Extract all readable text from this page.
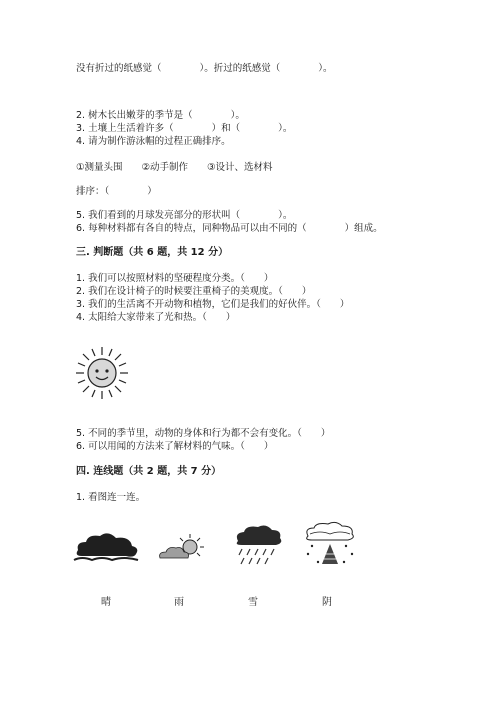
没有折过的纸感觉（　　　　）。折过的纸感觉（　　　　）。
2. 树木长出嫩芽的季节是（　　　　）。
3. 土壤上生活着许多（　　　　）和（　　　　）。
4. 请为制作游泳帽的过程正确排序。
①测量头围　　②动手制作　　③设计、选材料
排序：（　　　　）
5. 我们看到的月球发亮部分的形状叫（　　　　）。
6. 每种材料都有各自的特点，同种物品可以由不同的（　　　　）组成。
三. 判断题（共 6 题，共 12 分）
1. 我们可以按照材料的坚硬程度分类。（　　）
2. 我们在设计椅子的时候要注重椅子的美观度。（　　）
3. 我们的生活离不开动物和植物，它们是我们的好伙伴。（　　）
4. 太阳给大家带来了光和热。（　　）
5. 不同的季节里，动物的身体和行为都不会有变化。（　　）
6. 可以用闻的方法来了解材料的气味。（　　）
四. 连线题（共 2 题，共 7 分）
1. 看图连一连。
晴	雨	雪	阴
